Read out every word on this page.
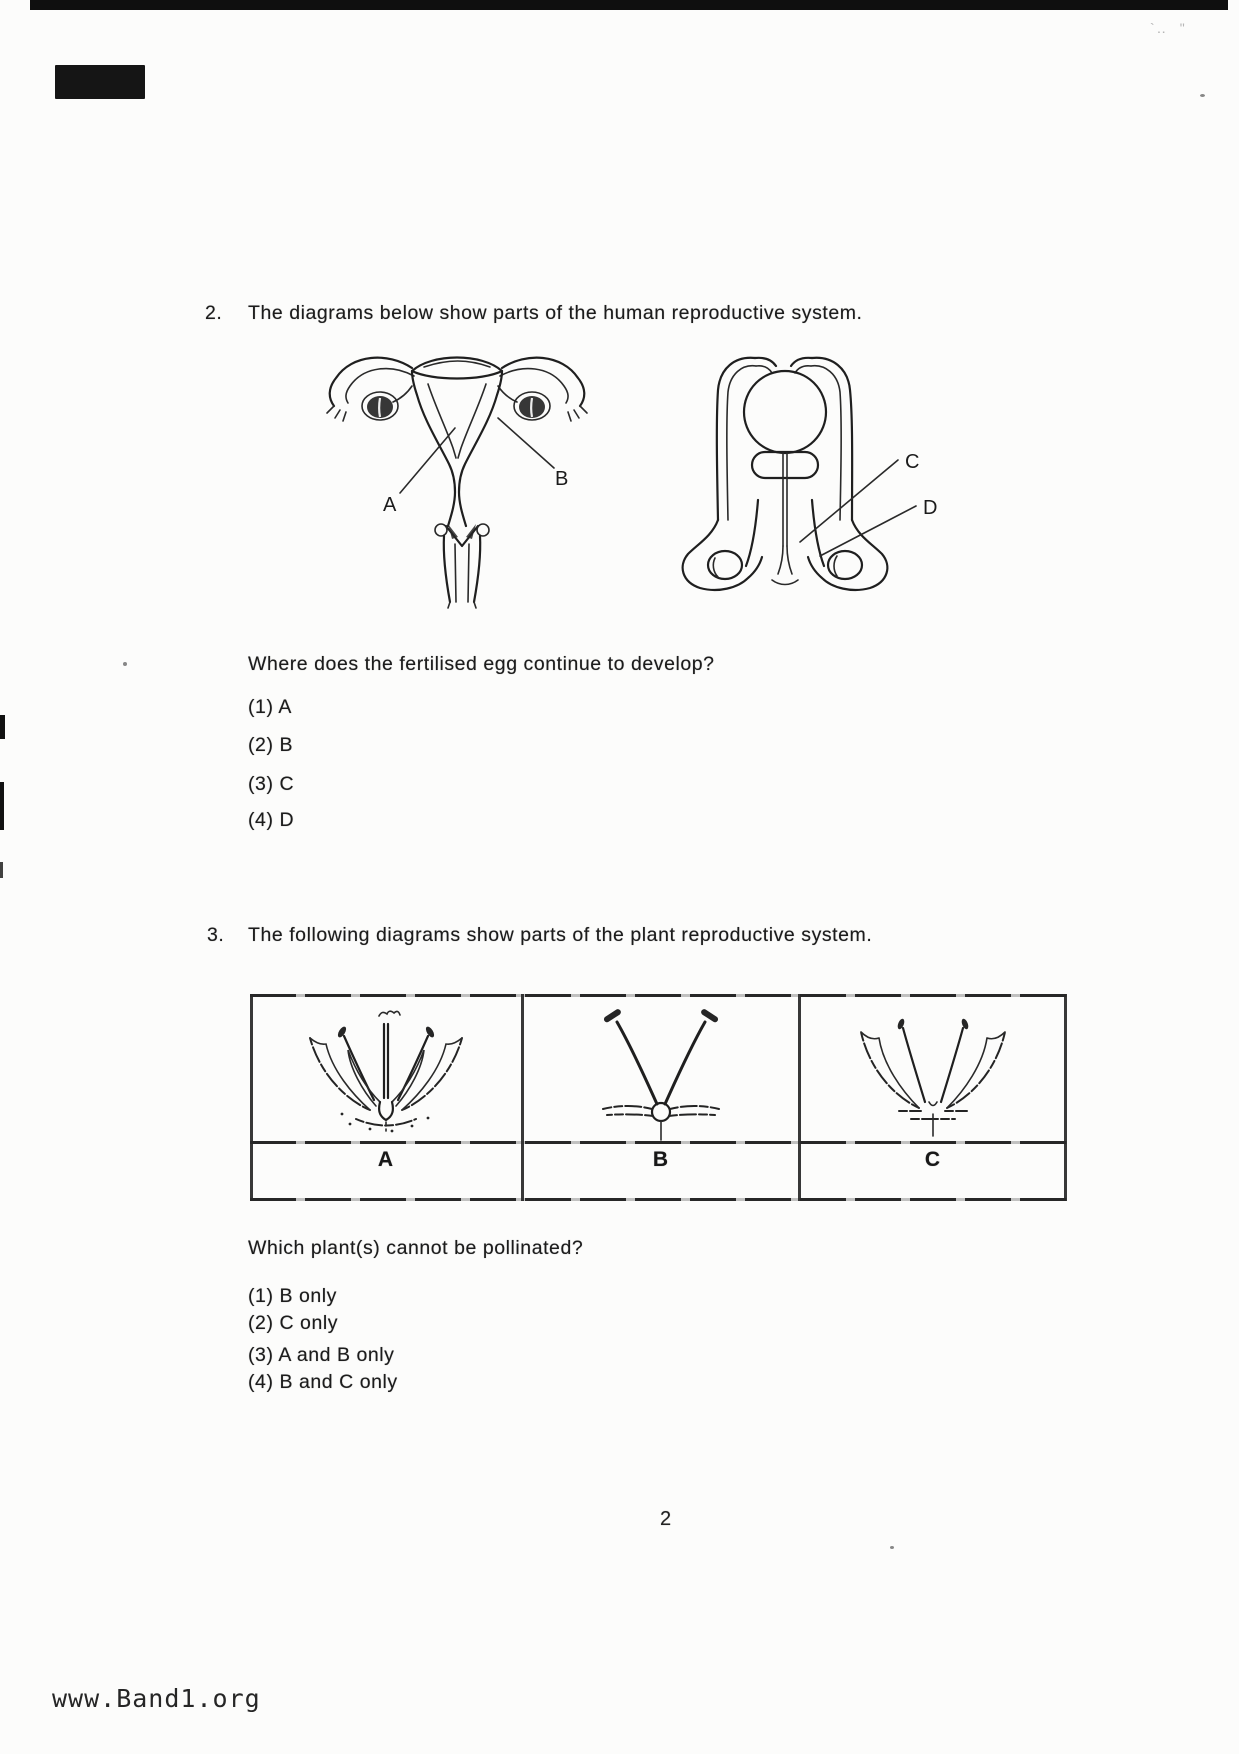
`‥  ʺ
2. The diagrams below show parts of the human reproductive system.
A
B
C
D
Where does the fertilised egg continue to develop?
(1) A
(2) B
(3) C
(4) D
3. The following diagrams show parts of the plant reproductive system.
A	B	C
Which plant(s) cannot be pollinated?
(1) B only
(2) C only
(3) A and B only
(4) B and C only
2
www.Band1.org
